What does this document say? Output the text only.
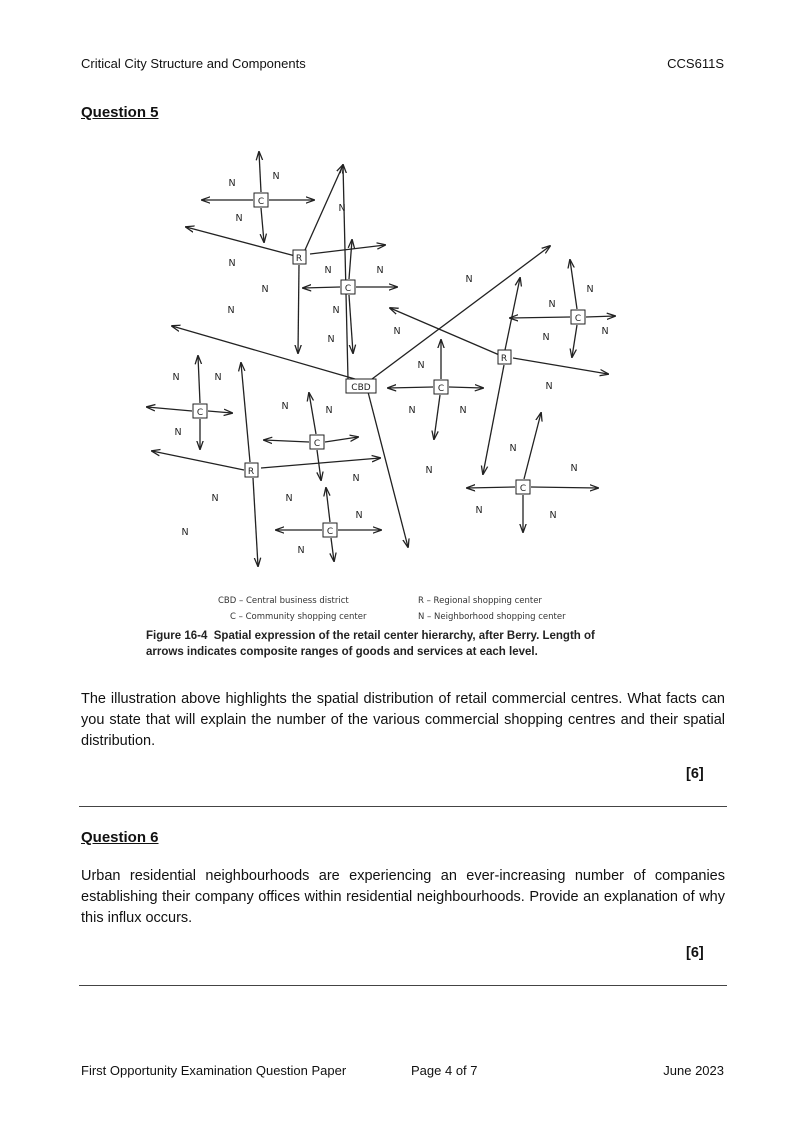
Critical City Structure and Components	CCS611S
Question 5
CBD
R
R
R
C
C
C
C
C
C
C
C
N
N
N
N
N
N	N
N
N
N
N	N
N
N
N	N
N
N
N	N
N
N	N	N	N
N
N
N
N	N
N	N
N	N	N
N
N
CBD – Central business district
C – Community shopping center
R – Regional shopping center
N – Neighborhood shopping center
Figure 16-4 Spatial expression of the retail center hierarchy, after Berry. Length of
arrows indicates composite ranges of goods and services at each level.
The illustration above highlights the spatial distribution of retail commercial centres. What facts can you state that will explain the number of the various commercial shopping centres and their spatial distribution.
[6]
Question 6
Urban residential neighbourhoods are experiencing an ever-increasing number of companies establishing their company offices within residential neighbourhoods. Provide an explanation of why this influx occurs.
[6]
First Opportunity Examination Question Paper	Page 4 of 7	June 2023
